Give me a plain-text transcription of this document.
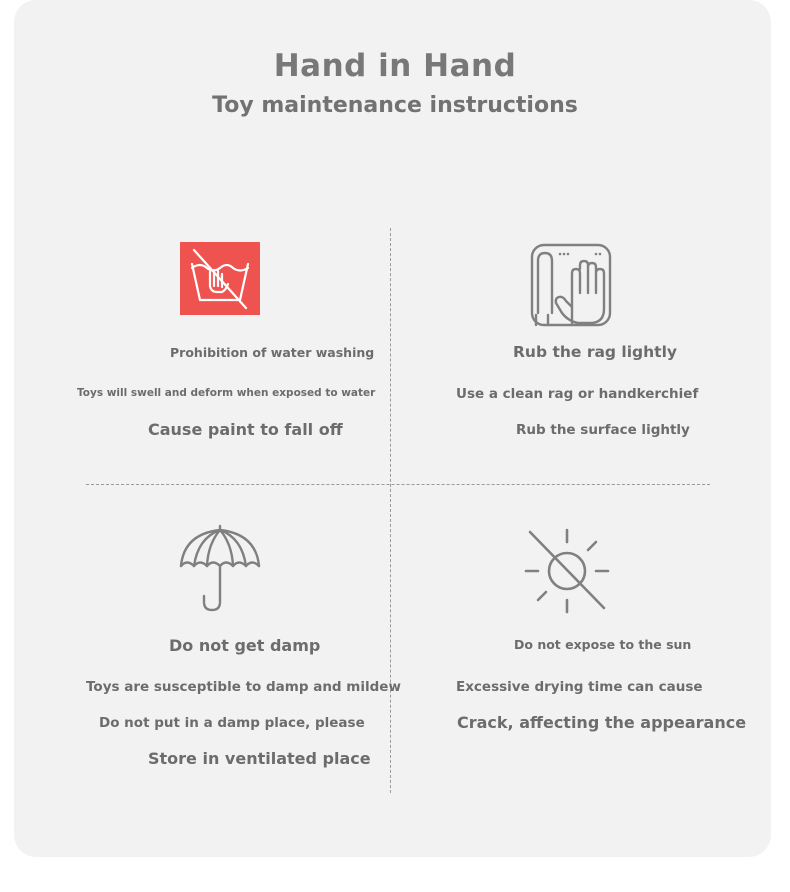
Hand in Hand
Toy maintenance instructions
Prohibition of water washing
Toys will swell and deform when exposed to water
Cause paint to fall off
Rub the rag lightly
Use a clean rag or handkerchief
Rub the surface lightly
Do not get damp
Toys are susceptible to damp and mildew
Do not put in a damp place, please
Store in ventilated place
Do not expose to the sun
Excessive drying time can cause
Crack, affecting the appearance
